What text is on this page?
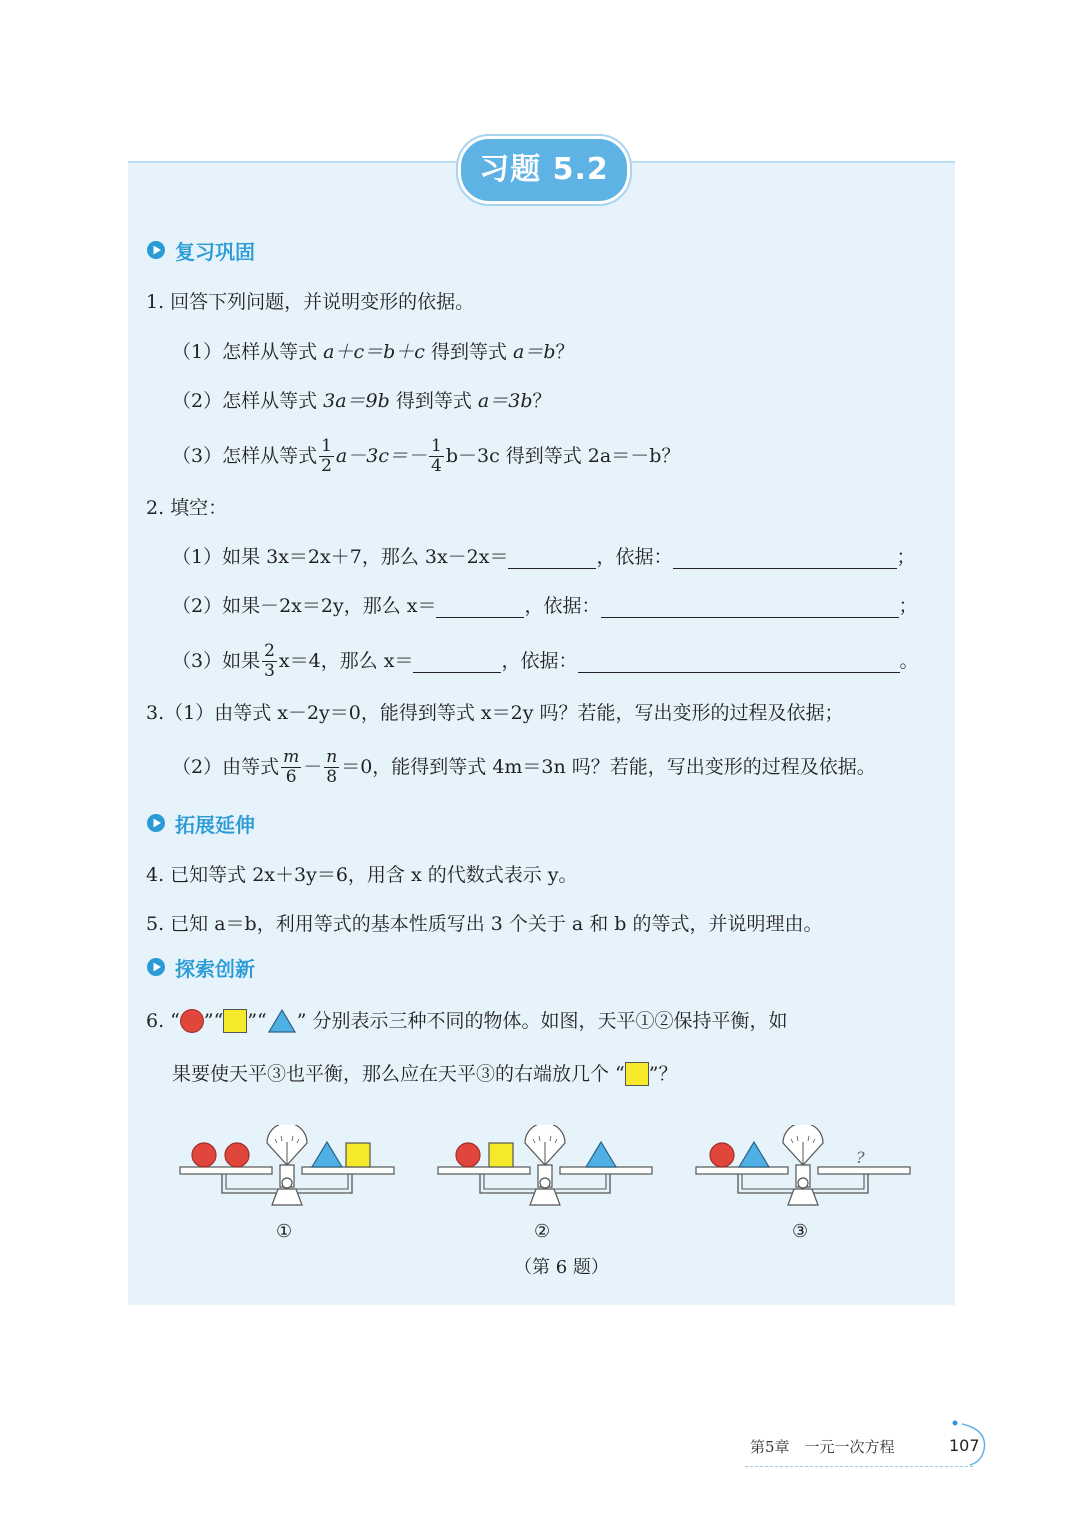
习题 5.2
复习巩固
1. 回答下列问题，并说明变形的依据。
（1）怎样从等式
a＋c＝b＋c
得到等式
a＝b ？
（2）怎样从等式
3a＝9b
得到等式
a＝3b ？
（3）怎样从等式 $\frac{1}{2} a-3c=- \frac{1}{4} b-3c$ 得到等式 2a＝－b？
2. 填空：
（1）如果 3x＝2x＋7，那么 3x－2x＝	，依据：	；
（2）如果－2x＝2y，那么 x＝	，依据：	；
（3）如果 $\frac{2}{3} x=4$，那么 x＝	，依据：	。
3.（1）由等式 x－2y＝0，能得到等式 x＝2y 吗？若能，写出变形的过程及依据；
（2）由等式 $\frac{m}{6} - \frac{n}{8} =0$，能得到等式 4m＝3n 吗？若能，写出变形的过程及依据。
拓展延伸
4. 已知等式 2x＋3y＝6，用含 x 的代数式表示 y。
5. 已知 a＝b，利用等式的基本性质写出 3 个关于 a 和 b 的等式，并说明理由。
探索创新
6. “ ” “ ” “ ”
分别表示三种不同的物体。如图，天平①②保持平衡，如
果要使天平③也平衡，那么应在天平③的右端放几个 “ ”？
?
①	②	③
（第 6 题）
第5章　一元一次方程	107
